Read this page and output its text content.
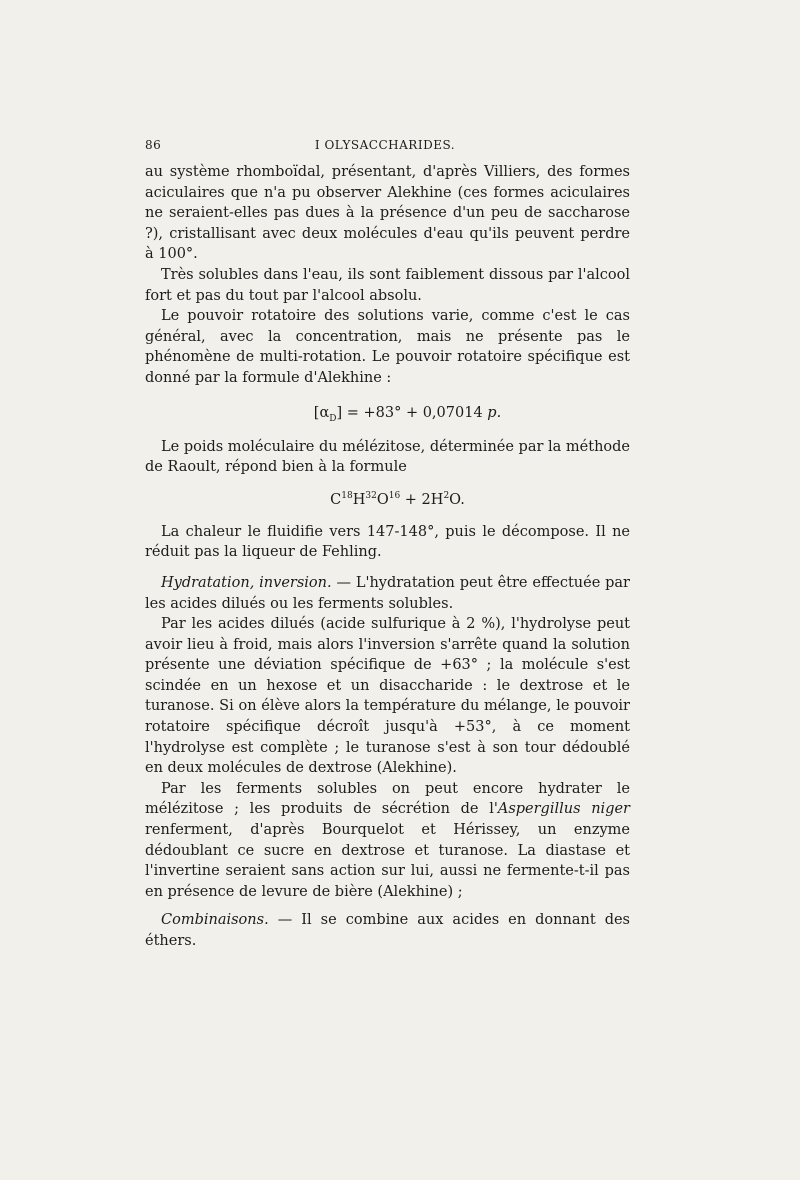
86	I OLYSACCHARIDES.

au système rhomboïdal, présentant, d'après Villiers, des formes aciculaires que n'a pu observer Alekhine (ces formes aciculaires ne seraient-elles pas dues à la présence d'un peu de saccharose ?), cristallisant avec deux molécules d'eau qu'ils peuvent perdre à 100°.

Très solubles dans l'eau, ils sont faiblement dissous par l'alcool fort et pas du tout par l'alcool absolu.

Le pouvoir rotatoire des solutions varie, comme c'est le cas général, avec la concentration, mais ne présente pas le phénomène de multi-rotation. Le pouvoir rotatoire spécifique est donné par la formule d'Alekhine :

$[\alpha_D] = +83^\circ + 0,07014$ p.

Le poids moléculaire du mélézitose, déterminée par la méthode de Raoult, répond bien à la formule

$C^{18}H^{32}O^{16} + 2H^2O$.

La chaleur le fluidifie vers 147-148°, puis le décompose. Il ne réduit pas la liqueur de Fehling.

Hydratation, inversion. — L'hydratation peut être effectuée par les acides dilués ou les ferments solubles.

Par les acides dilués (acide sulfurique à 2 %), l'hydrolyse peut avoir lieu à froid, mais alors l'inversion s'arrête quand la solution présente une déviation spécifique de +63° ; la molécule s'est scindée en un hexose et un disaccharide : le dextrose et le turanose. Si on élève alors la température du mélange, le pouvoir rotatoire spécifique décroît jusqu'à +53°, à ce moment l'hydrolyse est complète ; le turanose s'est à son tour dédoublé en deux molécules de dextrose (Alekhine).

Par les ferments solubles on peut encore hydrater le mélézitose ; les produits de sécrétion de l'Aspergillus niger renferment, d'après Bourquelot et Hérissey, un enzyme dédoublant ce sucre en dextrose et turanose. La diastase et l'invertine seraient sans action sur lui, aussi ne fermente-t-il pas en présence de levure de bière (Alekhine) ;

Combinaisons. — Il se combine aux acides en donnant des éthers.
